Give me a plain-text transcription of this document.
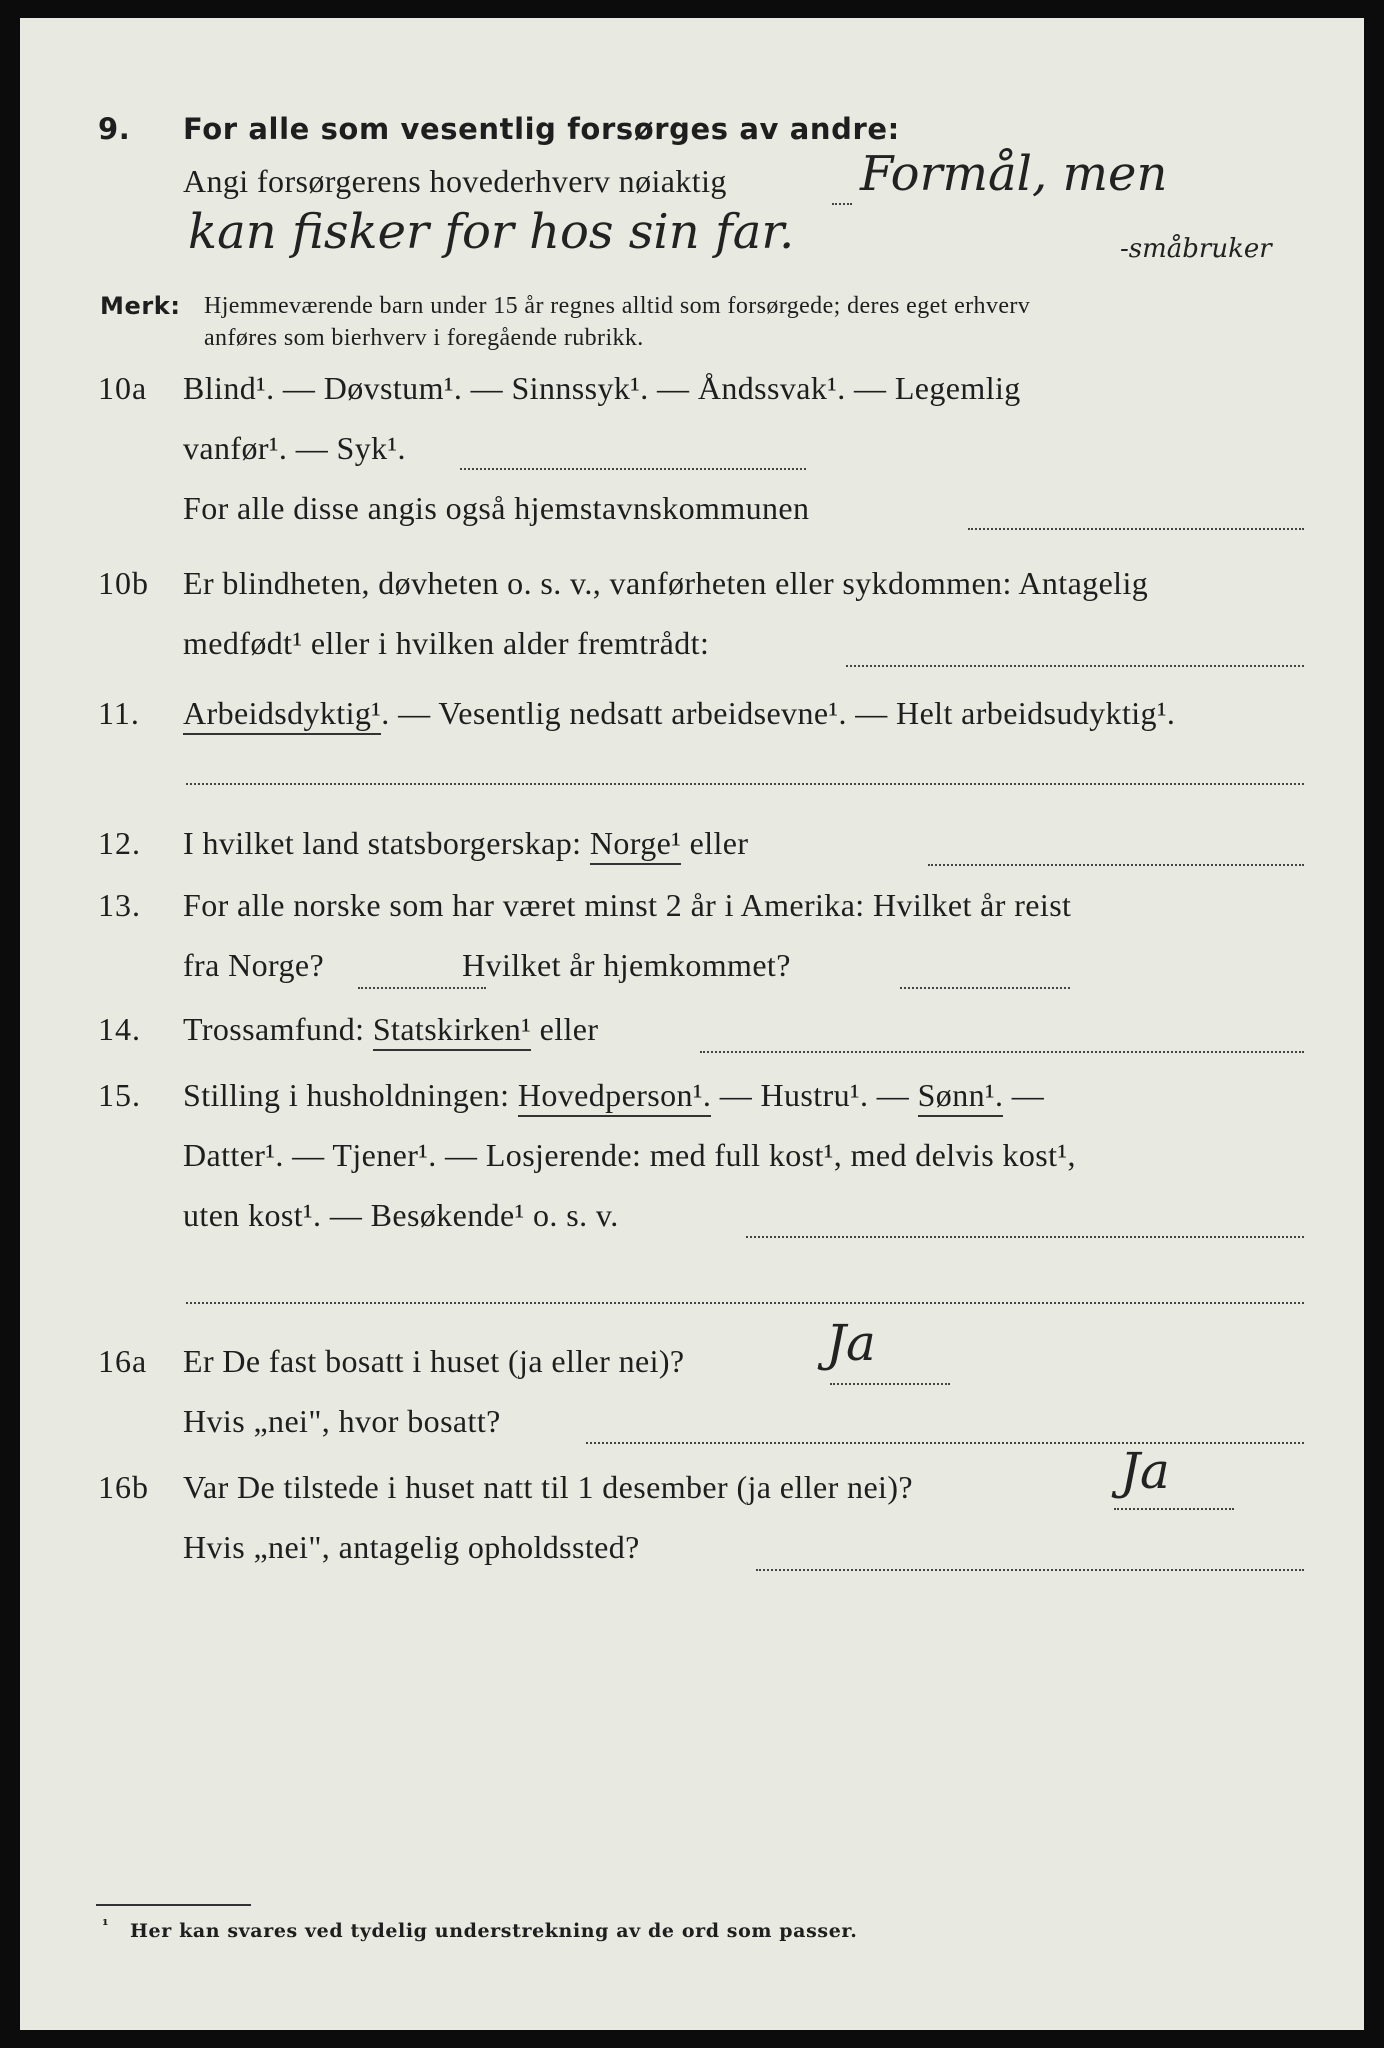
9. For alle som vesentlig forsørges av andre:
Angi forsørgerens hovederhverv nøiaktig	Formål, men
kan fisker for hos sin far.	-småbruker
Merk: Hjemmeværende barn under 15 år regnes alltid som forsørgede; deres eget erhverv
anføres som bierhverv i foregående rubrikk.
10a Blind¹. — Døvstum¹. — Sinnssyk¹. — Åndssvak¹. — Legemlig
vanfør¹. — Syk¹.
For alle disse angis også hjemstavnskommunen
10b Er blindheten, døvheten o. s. v., vanførheten eller sykdommen: Antagelig
medfødt¹ eller i hvilken alder fremtrådt:
11. Arbeidsdyktig¹. — Vesentlig nedsatt arbeidsevne¹. — Helt arbeidsudyktig¹.
12. I hvilket land statsborgerskap: Norge¹ eller
13. For alle norske som har været minst 2 år i Amerika: Hvilket år reist
fra Norge?	Hvilket år hjemkommet?
14. Trossamfund: Statskirken¹ eller
15. Stilling i husholdningen: Hovedperson¹. — Hustru¹. — Sønn¹. —
Datter¹. — Tjener¹. — Losjerende: med full kost¹, med delvis kost¹,
uten kost¹. — Besøkende¹ o. s. v.
16a Er De fast bosatt i huset (ja eller nei)?	Ja
Hvis „nei", hvor bosatt?
16b Var De tilstede i huset natt til 1 desember (ja eller nei)?	Ja
Hvis „nei", antagelig opholdssted?
¹ Her kan svares ved tydelig understrekning av de ord som passer.
